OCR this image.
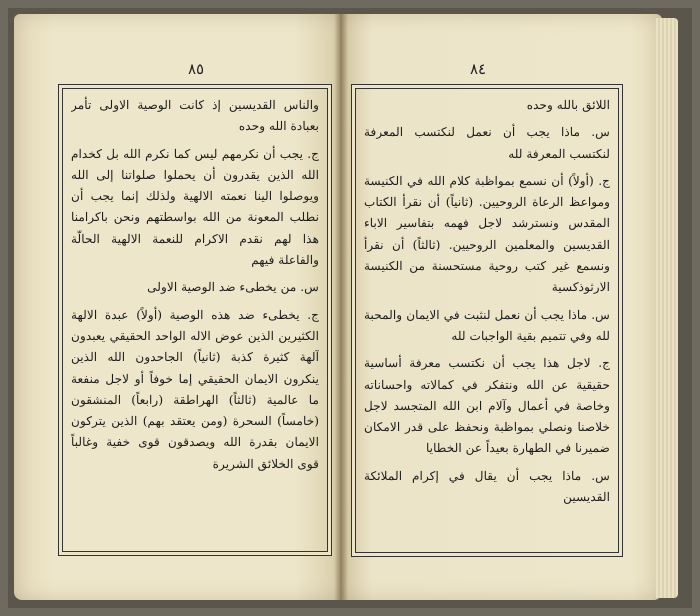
٨٥	٨٤

والناس القديسين إذ كانت الوصية الاولى تأمر بعبادة الله وحده

ج. يجب أن نكرمهم ليس كما نكرم الله بل كخدام الله الذين يقدرون أن يحملوا صلواتنا إلى الله ويوصلوا الينا نعمته الالهية ولذلك إنما يجب أن نطلب المعونة من الله بواسطتهم ونحن باكرامنا هذا لهم نقدم الاكرام للنعمة الالهية الحالّة والفاعلة فيهم

س. من يخطىء ضد الوصية الاولى

ج. يخطىء ضد هذه الوصية (أولاً) عبدة الالهة الكثيرين الذين عوض الاله الواحد الحقيقي يعبدون آلهة كثيرة كذبة (ثانياً) الجاحدون الله الذين ينكرون الايمان الحقيقي إما خوفاً أو لاجل منفعة ما عالمية (ثالثاً) الهراطقة (رابعاً) المنشقون (خامساً) السحرة (ومن يعتقد بهم) الذين يتركون الايمان بقدرة الله ويصدقون قوى خفية وغالباً قوى الخلائق الشريرة

اللائق بالله وحده

س. ماذا يجب أن نعمل لنكتسب المعرفة لنكتسب المعرفة لله

ج. (أولاً) أن نسمع بمواظبة كلام الله في الكنيسة ومواعظ الرعاة الروحيين. (ثانياً) أن نقرأ الكتاب المقدس ونسترشد لاجل فهمه بتفاسير الاباء القديسين والمعلمين الروحيين. (ثالثاً) أن نقرأ ونسمع غير كتب روحية مستحسنة من الكنيسة الارثوذكسية

س. ماذا يجب أن نعمل لنثبت في الايمان والمحبة لله وفي تتميم بقية الواجبات لله

ج. لاجل هذا يجب أن نكتسب معرفة أساسية حقيقية عن الله ونتفكر في كمالاته واحساناته وخاصة في أعمال وآلام ابن الله المتجسد لاجل خلاصنا ونصلي بمواظبة ونحفظ على قدر الامكان ضميرنا في الطهارة بعيداً عن الخطايا

س. ماذا يجب أن يقال في إكرام الملائكة القديسين
